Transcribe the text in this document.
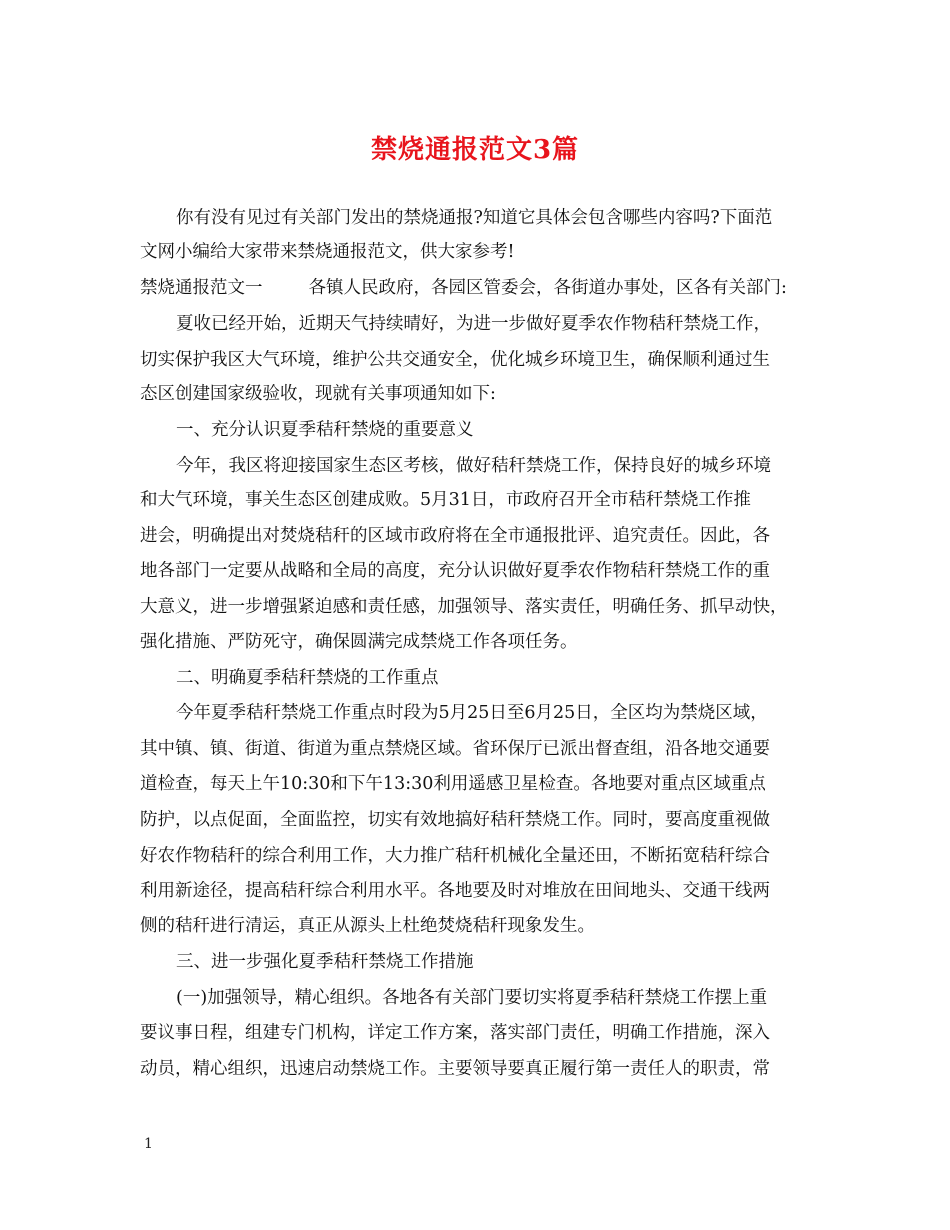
禁烧通报范文3篇
你有没有见过有关部门发出的禁烧通报?知道它具体会包含哪些内容吗?下面范
文网小编给大家带来禁烧通报范文，供大家参考!
禁烧通报范文一	各镇人民政府，各园区管委会，各街道办事处，区各有关部门:
夏收已经开始，近期天气持续晴好，为进一步做好夏季农作物秸秆禁烧工作，
切实保护我区大气环境，维护公共交通安全，优化城乡环境卫生，确保顺利通过生
态区创建国家级验收，现就有关事项通知如下:
一、充分认识夏季秸秆禁烧的重要意义
今年，我区将迎接国家生态区考核，做好秸秆禁烧工作，保持良好的城乡环境
和大气环境，事关生态区创建成败。5月31日，市政府召开全市秸秆禁烧工作推
进会，明确提出对焚烧秸秆的区域市政府将在全市通报批评、追究责任。因此，各
地各部门一定要从战略和全局的高度，充分认识做好夏季农作物秸秆禁烧工作的重
大意义，进一步增强紧迫感和责任感，加强领导、落实责任，明确任务、抓早动快，
强化措施、严防死守，确保圆满完成禁烧工作各项任务。
二、明确夏季秸秆禁烧的工作重点
今年夏季秸秆禁烧工作重点时段为5月25日至6月25日，全区均为禁烧区域，
其中镇、镇、街道、街道为重点禁烧区域。省环保厅已派出督查组，沿各地交通要
道检查，每天上午10:30和下午13:30利用遥感卫星检查。各地要对重点区域重点
防护，以点促面，全面监控，切实有效地搞好秸秆禁烧工作。同时，要高度重视做
好农作物秸秆的综合利用工作，大力推广秸秆机械化全量还田，不断拓宽秸秆综合
利用新途径，提高秸秆综合利用水平。各地要及时对堆放在田间地头、交通干线两
侧的秸秆进行清运，真正从源头上杜绝焚烧秸秆现象发生。
三、进一步强化夏季秸秆禁烧工作措施
(一)加强领导，精心组织。各地各有关部门要切实将夏季秸秆禁烧工作摆上重
要议事日程，组建专门机构，详定工作方案，落实部门责任，明确工作措施，深入
动员，精心组织，迅速启动禁烧工作。主要领导要真正履行第一责任人的职责，常
1
